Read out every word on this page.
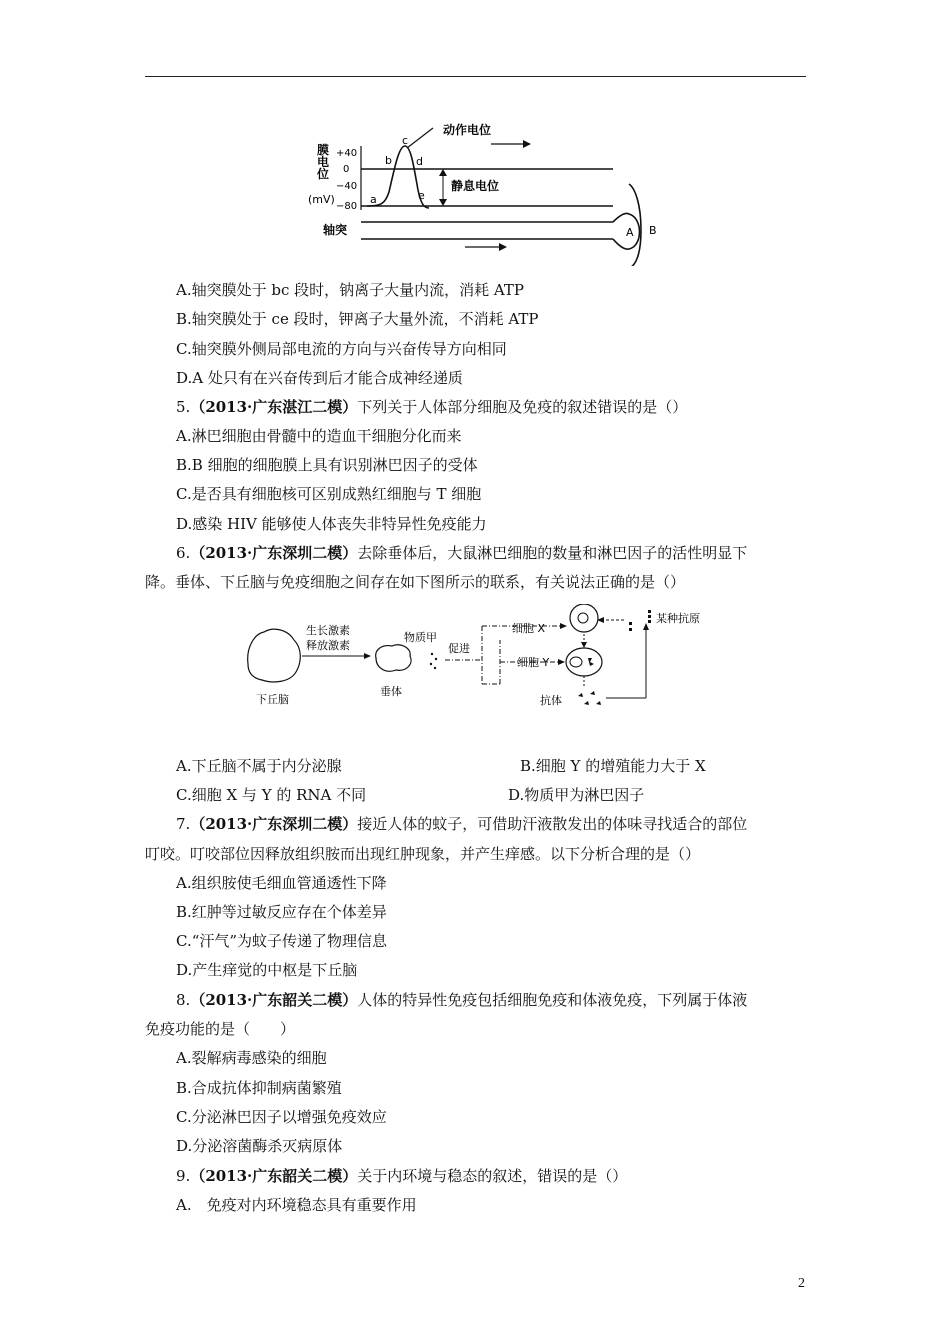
膜
电
位
(mV)
+40
0
−40
−80
a
b
c
d
e
动作电位
静息电位
轴突	A B
A.轴突膜处于 bc 段时，钠离子大量内流，消耗 ATP
B.轴突膜处于 ce 段时，钾离子大量外流，不消耗 ATP
C.轴突膜外侧局部电流的方向与兴奋传导方向相同
D.A 处只有在兴奋传到后才能合成神经递质
5.（2013·广东湛江二模）下列关于人体部分细胞及免疫的叙述错误的是（）
A.淋巴细胞由骨髓中的造血干细胞分化而来
B.B 细胞的细胞膜上具有识别淋巴因子的受体
C.是否具有细胞核可区别成熟红细胞与 T 细胞
D.感染 HIV 能够使人体丧失非特异性免疫能力
6.（2013·广东深圳二模）去除垂体后，大鼠淋巴细胞的数量和淋巴因子的活性明显下
降。垂体、下丘脑与免疫细胞之间存在如下图所示的联系，有关说法正确的是（）
下丘脑
生长激素
释放激素
垂体
物质甲
促进
细胞 X
细胞 Y
抗体
某种抗原
A.下丘脑不属于内分泌腺	B.细胞 Y 的增殖能力大于 X
C.细胞 X 与 Y 的 RNA 不同	D.物质甲为淋巴因子
7.（2013·广东深圳二模）接近人体的蚊子，可借助汗液散发出的体味寻找适合的部位
叮咬。叮咬部位因释放组织胺而出现红肿现象，并产生痒感。以下分析合理的是（）
A.组织胺使毛细血管通透性下降
B.红肿等过敏反应存在个体差异
C.“汗气”为蚊子传递了物理信息
D.产生痒觉的中枢是下丘脑
8.（2013·广东韶关二模）人体的特异性免疫包括细胞免疫和体液免疫，下列属于体液
免疫功能的是（　　）
A.裂解病毒感染的细胞
B.合成抗体抑制病菌繁殖
C.分泌淋巴因子以增强免疫效应
D.分泌溶菌酶杀灭病原体
9.（2013·广东韶关二模）关于内环境与稳态的叙述，错误的是（）
A.　免疫对内环境稳态具有重要作用
2
